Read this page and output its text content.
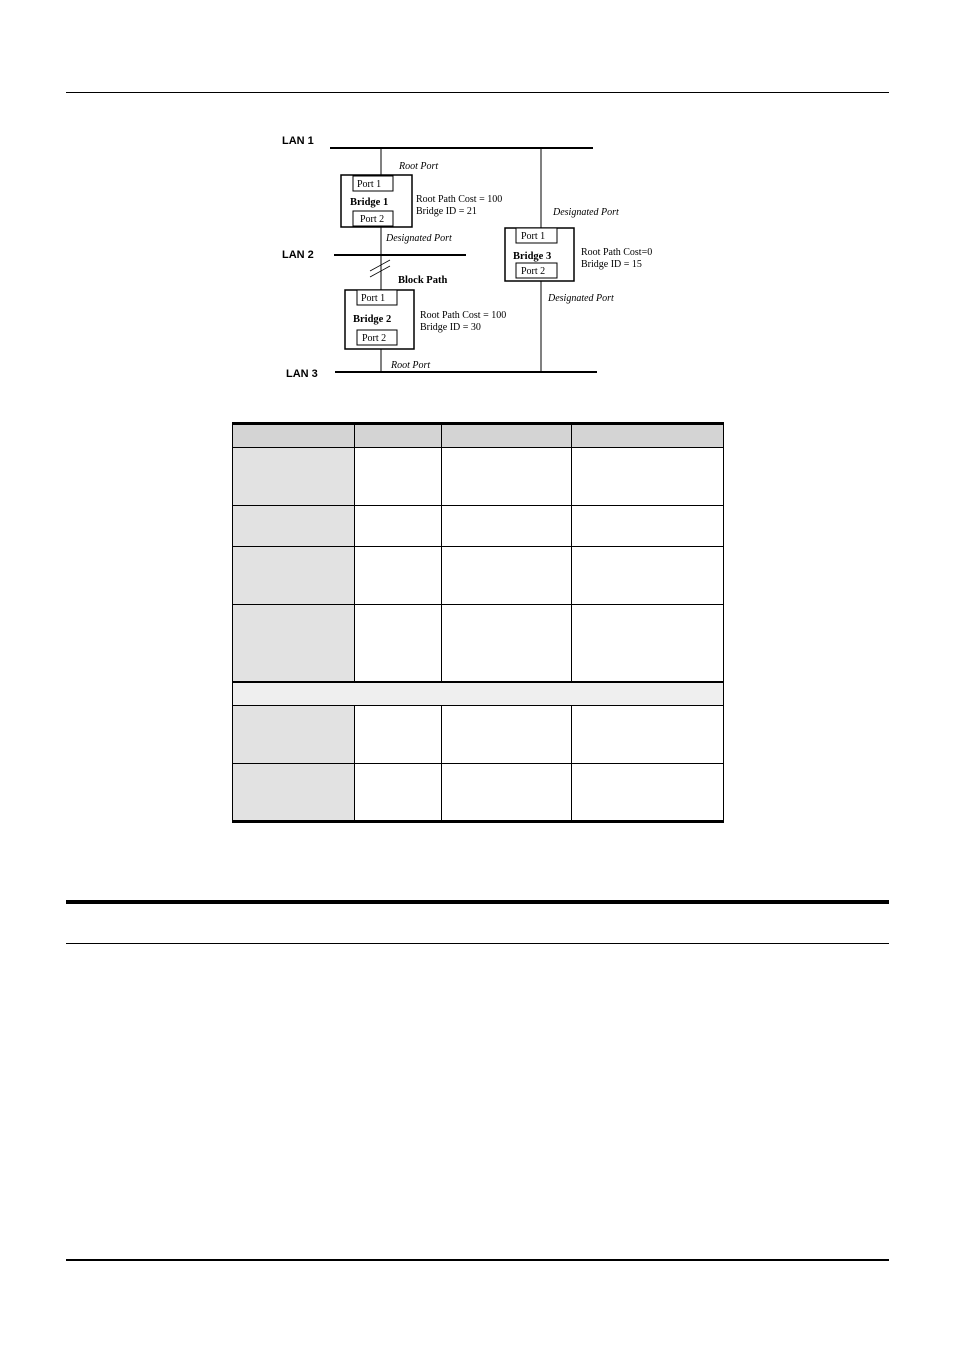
LAN 1
LAN 2
LAN 3
Port 1
Bridge 1
Port 2
Root Path Cost = 100
Bridge ID = 21
Root Port
Designated Port
Port 1
Bridge 2
Port 2
Root Path Cost = 100
Bridge ID = 30
Block Path
Root Port
Port 1
Bridge 3
Port 2
Root Path Cost=0
Bridge ID = 15
Designated Port
Designated Port
